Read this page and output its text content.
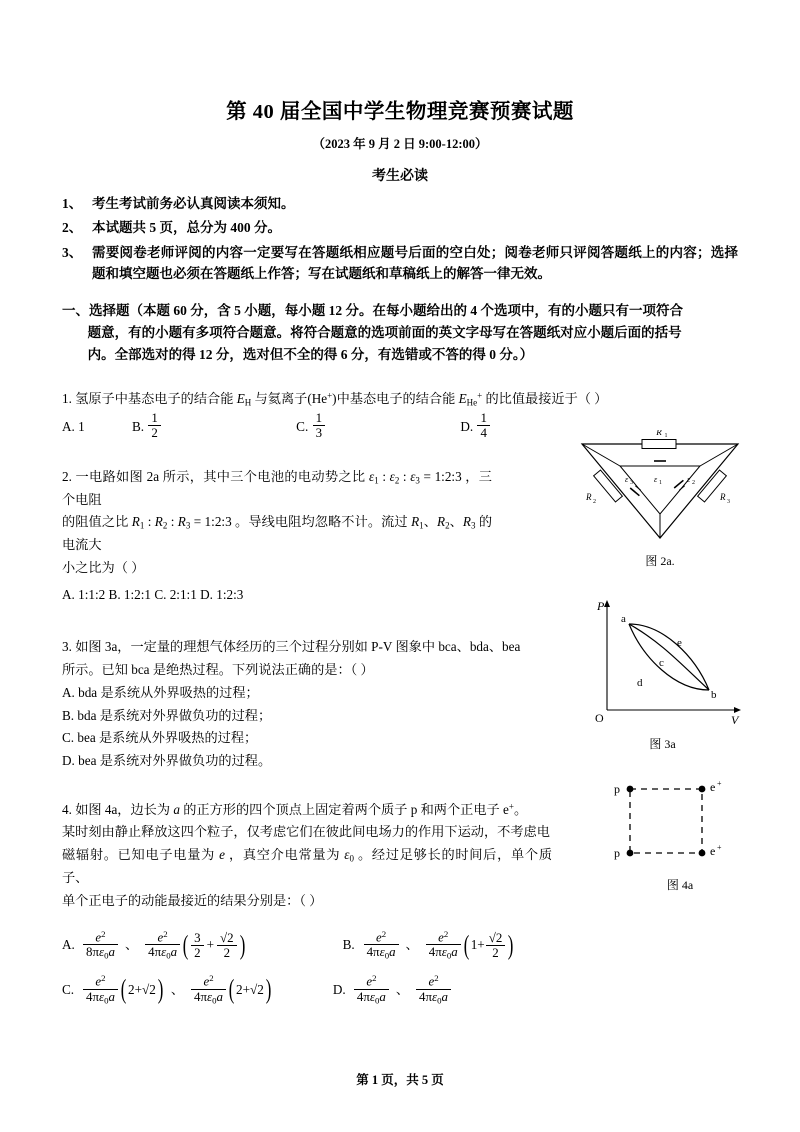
第 40 届全国中学生物理竞赛预赛试题
（2023 年 9 月 2 日 9:00-12:00）
考生必读
1、 考生考试前务必认真阅读本须知。
2、 本试题共 5 页，总分为 400 分。
3、 需要阅卷老师评阅的内容一定要写在答题纸相应题号后面的空白处；阅卷老师只评阅答题纸上的内容；选择题和填空题也必须在答题纸上作答；写在试题纸和草稿纸上的解答一律无效。
一、选择题（本题 60 分，含 5 小题，每小题 12 分。在每小题给出的 4 个选项中，有的小题只有一项符合
题意，有的小题有多项符合题意。将符合题意的选项前面的英文字母写在答题纸对应小题后面的括号
内。全部选对的得 12 分，选对但不全的得 6 分，有选错或不答的得 0 分。）
1. 氢原子中基态电子的结合能 $E_H$ 与氦离子(He+)中基态电子的结合能 $E_{He}^+$ 的比值最接近于（ ）
A. 1	B. $\frac{1}{2}$	C. $\frac{1}{3}$	D. $\frac{1}{4}$
2. 一电路如图 2a 所示，其中三个电池的电动势之比 $\varepsilon_1$ : $\varepsilon_2$ : $\varepsilon_3$ = 1:2:3 ，三个电阻
的阻值之比 $R_1$ : $R_2$ : $R_3$ = 1:2:3 。导线电阻均忽略不计。流过 $R_1$、$R_2$、$R_3$ 的电流大
小之比为（ ）
A. 1:1:2 B. 1:2:1 C. 2:1:1 D. 1:2:3
R 1
R 2	R 3
ε 3	ε 2
ε 1
图 2a.
3. 如图 3a，一定量的理想气体经历的三个过程分别如 P-V 图象中 bca、bda、bea
所示。已知 bca 是绝热过程。下列说法正确的是：（ ）
A. bda 是系统从外界吸热的过程；
B. bda 是系统对外界做负功的过程；
C. bea 是系统从外界吸热的过程；
D. bea 是系统对外界做负功的过程。
P
V
O
a
b
e
c
d
图 3a
4. 如图 4a，边长为 a 的正方形的四个顶点上固定着两个质子 p 和两个正电子 e+。
某时刻由静止释放这四个粒子，仅考虑它们在彼此间电场力的作用下运动，不考虑电
磁辐射。已知电子电量为 e ，真空介电常量为 $\varepsilon_0$ 。经过足够长的时间后，单个质子、
单个正电子的动能最接近的结果分别是：（ ）
p	e +
p	e +
图 4a
A. $\frac{e^2}{8\pi\varepsilon_0a}$ 、 $\frac{e^2}{4\pi\varepsilon_0a}$ ( $\frac{3}{2} + \frac{√2}{2}$ )	B. $\frac{e^2}{4\pi\varepsilon_0a}$ 、 $\frac{e^2}{4\pi\varepsilon_0a}$ ( $1+ \frac{√2}{2}$ )
C. $\frac{e^2}{4\pi\varepsilon_0a}$ ( 2+√2 ) 、 $\frac{e^2}{4\pi\varepsilon_0a}$ ( 2+√2 )	D. $\frac{e^2}{4\pi\varepsilon_0a}$ 、 $\frac{e^2}{4\pi\varepsilon_0a}$
第 1 页，共 5 页
